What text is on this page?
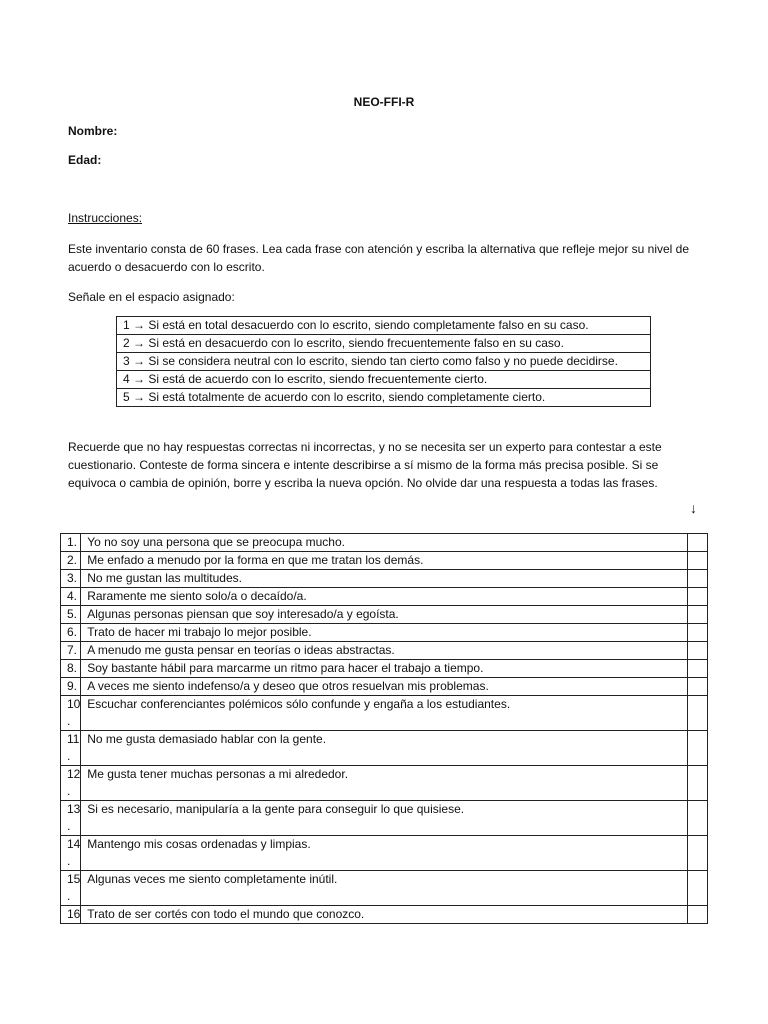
NEO-FFI-R
Nombre:
Edad:
Instrucciones:
Este inventario consta de 60 frases. Lea cada frase con atención y escriba la alternativa que refleje mejor su nivel de acuerdo o desacuerdo con lo escrito.
Señale en el espacio asignado:
1 → Si está en total desacuerdo con lo escrito, siendo completamente falso en su caso.
2 → Si está en desacuerdo con lo escrito, siendo frecuentemente falso en su caso.
3 → Si se considera neutral con lo escrito, siendo tan cierto como falso y no puede decidirse.
4 → Si está de acuerdo con lo escrito, siendo frecuentemente cierto.
5 → Si está totalmente de acuerdo con lo escrito, siendo completamente cierto.
Recuerde que no hay respuestas correctas ni incorrectas, y no se necesita ser un experto para contestar a este cuestionario. Conteste de forma sincera e intente describirse a sí mismo de la forma más precisa posible. Si se equivoca o cambia de opinión, borre y escriba la nueva opción. No olvide dar una respuesta a todas las frases.
↓
1.	Yo no soy una persona que se preocupa mucho.	
2.	Me enfado a menudo por la forma en que me tratan los demás.	
3.	No me gustan las multitudes.	
4.	Raramente me siento solo/a o decaído/a.	
5.	Algunas personas piensan que soy interesado/a y egoísta.	
6.	Trato de hacer mi trabajo lo mejor posible.	
7.	A menudo me gusta pensar en teorías o ideas abstractas.	
8.	Soy bastante hábil para marcarme un ritmo para hacer el trabajo a tiempo.	
9.	A veces me siento indefenso/a y deseo que otros resuelvan mis problemas.	

10
.	Escuchar conferenciantes polémicos sólo confunde y engaña a los estudiantes.	

11
.	No me gusta demasiado hablar con la gente.	

12
.	Me gusta tener muchas personas a mi alrededor.	

13
.	Si es necesario, manipularía a la gente para conseguir lo que quisiese.	

14
.	Mantengo mis cosas ordenadas y limpias.	

15
.	Algunas veces me siento completamente inútil.	
16	Trato de ser cortés con todo el mundo que conozco.	
